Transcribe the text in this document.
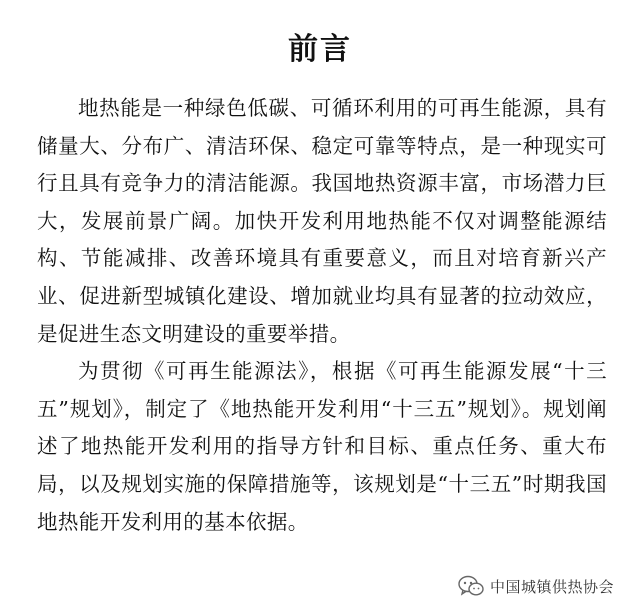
前言

地热能是一种绿色低碳、可循环利用的可再生能源，具有储量大、分布广、清洁环保、稳定可靠等特点，是一种现实可行且具有竞争力的清洁能源。我国地热资源丰富，市场潜力巨大，发展前景广阔。加快开发利用地热能不仅对调整能源结构、节能减排、改善环境具有重要意义，而且对培育新兴产业、促进新型城镇化建设、增加就业均具有显著的拉动效应，是促进生态文明建设的重要举措。

为贯彻《可再生能源法》，根据《可再生能源发展“十三五”规划》，制定了《地热能开发利用“十三五”规划》。规划阐述了地热能开发利用的指导方针和目标、重点任务、重大布局，以及规划实施的保障措施等，该规划是“十三五”时期我国地热能开发利用的基本依据。

中国城镇供热协会
